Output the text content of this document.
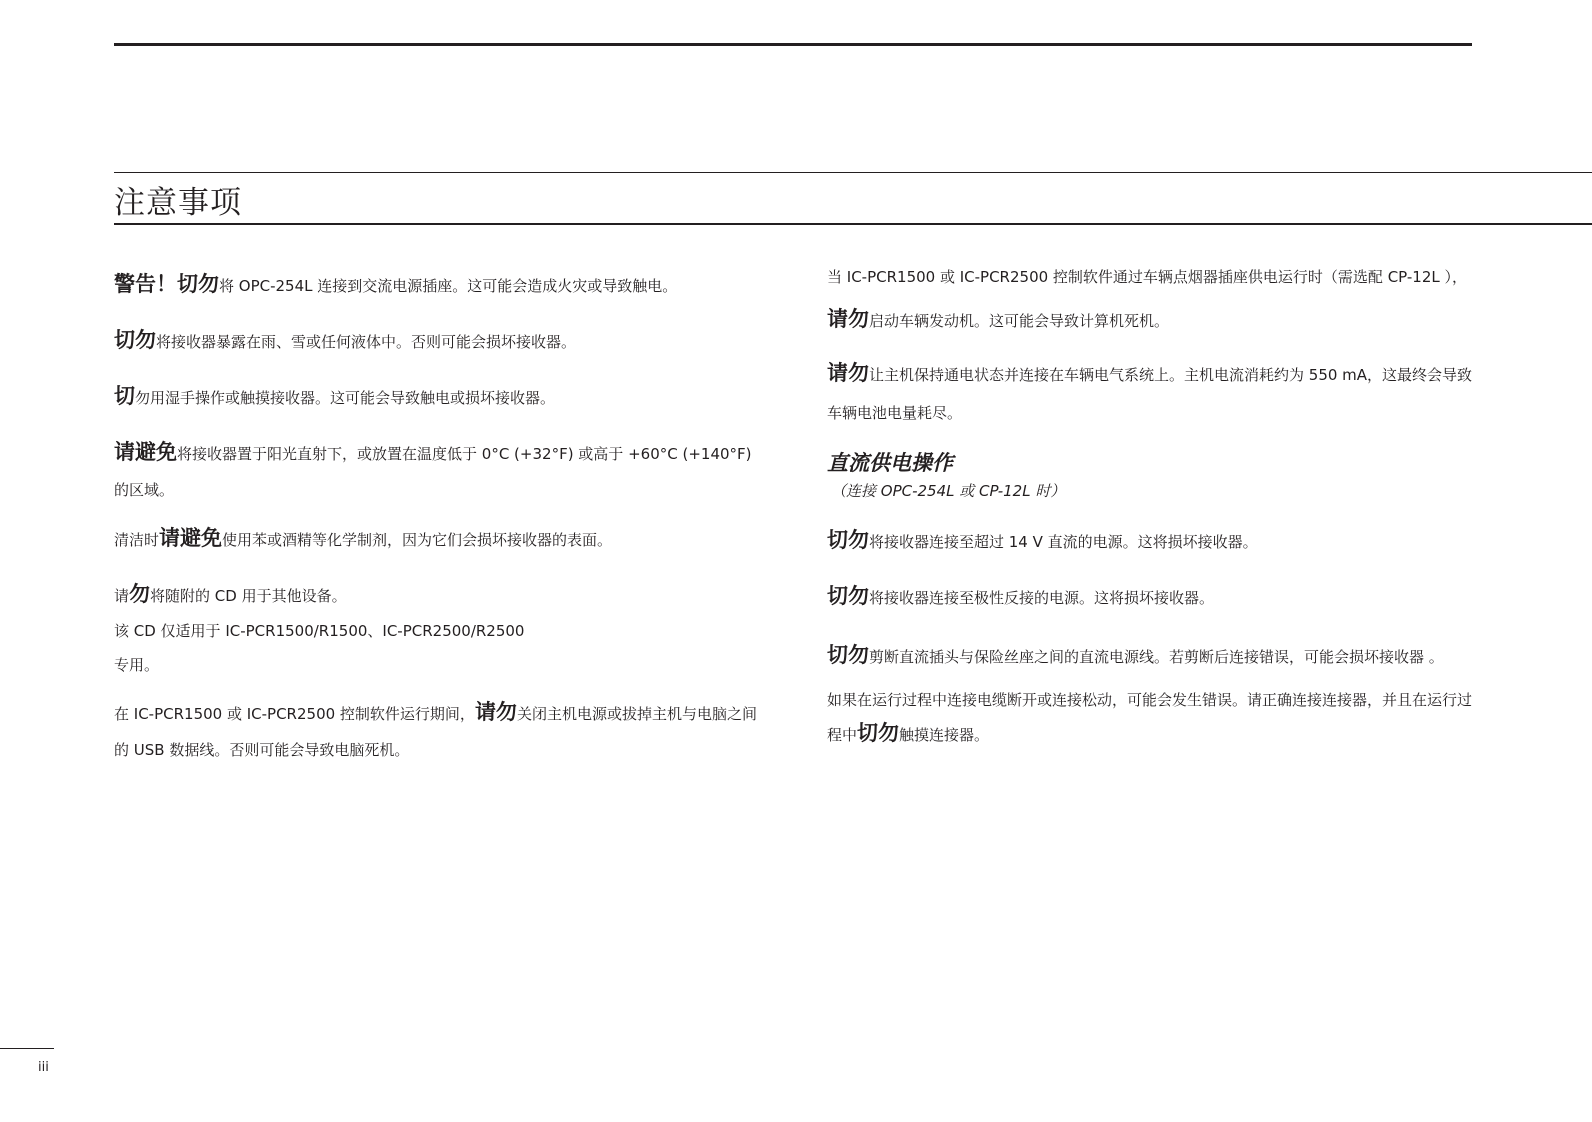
注意事项

警告！切勿将 OPC-254L 连接到交流电源插座。这可能会造成火灾或导致触电。

切勿将接收器暴露在雨、雪或任何液体中。否则可能会损坏接收器。

切勿用湿手操作或触摸接收器。这可能会导致触电或损坏接收器。

请避免将接收器置于阳光直射下，或放置在温度低于 0°C (+32°F) 或高于 +60°C (+140°F) 的区域。

清洁时请避免使用苯或酒精等化学制剂，因为它们会损坏接收器的表面。

请勿将随附的 CD 用于其他设备。

该 CD 仅适用于 IC-PCR1500/R1500、IC-PCR2500/R2500

专用。

在 IC-PCR1500 或 IC-PCR2500 控制软件运行期间，请勿关闭主机电源或拔掉主机与电脑之间的 USB 数据线。否则可能会导致电脑死机。

当 IC-PCR1500 或 IC-PCR2500 控制软件通过车辆点烟器插座供电运行时（需选配 CP-12L ），请勿启动车辆发动机。这可能会导致计算机死机。

请勿让主机保持通电状态并连接在车辆电气系统上。主机电流消耗约为 550 mA，这最终会导致车辆电池电量耗尽。

直流供电操作

（连接 OPC-254L 或 CP-12L 时）

切勿将接收器连接至超过 14 V 直流的电源。这将损坏接收器。

切勿将接收器连接至极性反接的电源。这将损坏接收器。

切勿剪断直流插头与保险丝座之间的直流电源线。若剪断后连接错误，可能会损坏接收器 。

如果在运行过程中连接电缆断开或连接松动，可能会发生错误。请正确连接连接器，并且在运行过程中切勿触摸连接器。

iii
